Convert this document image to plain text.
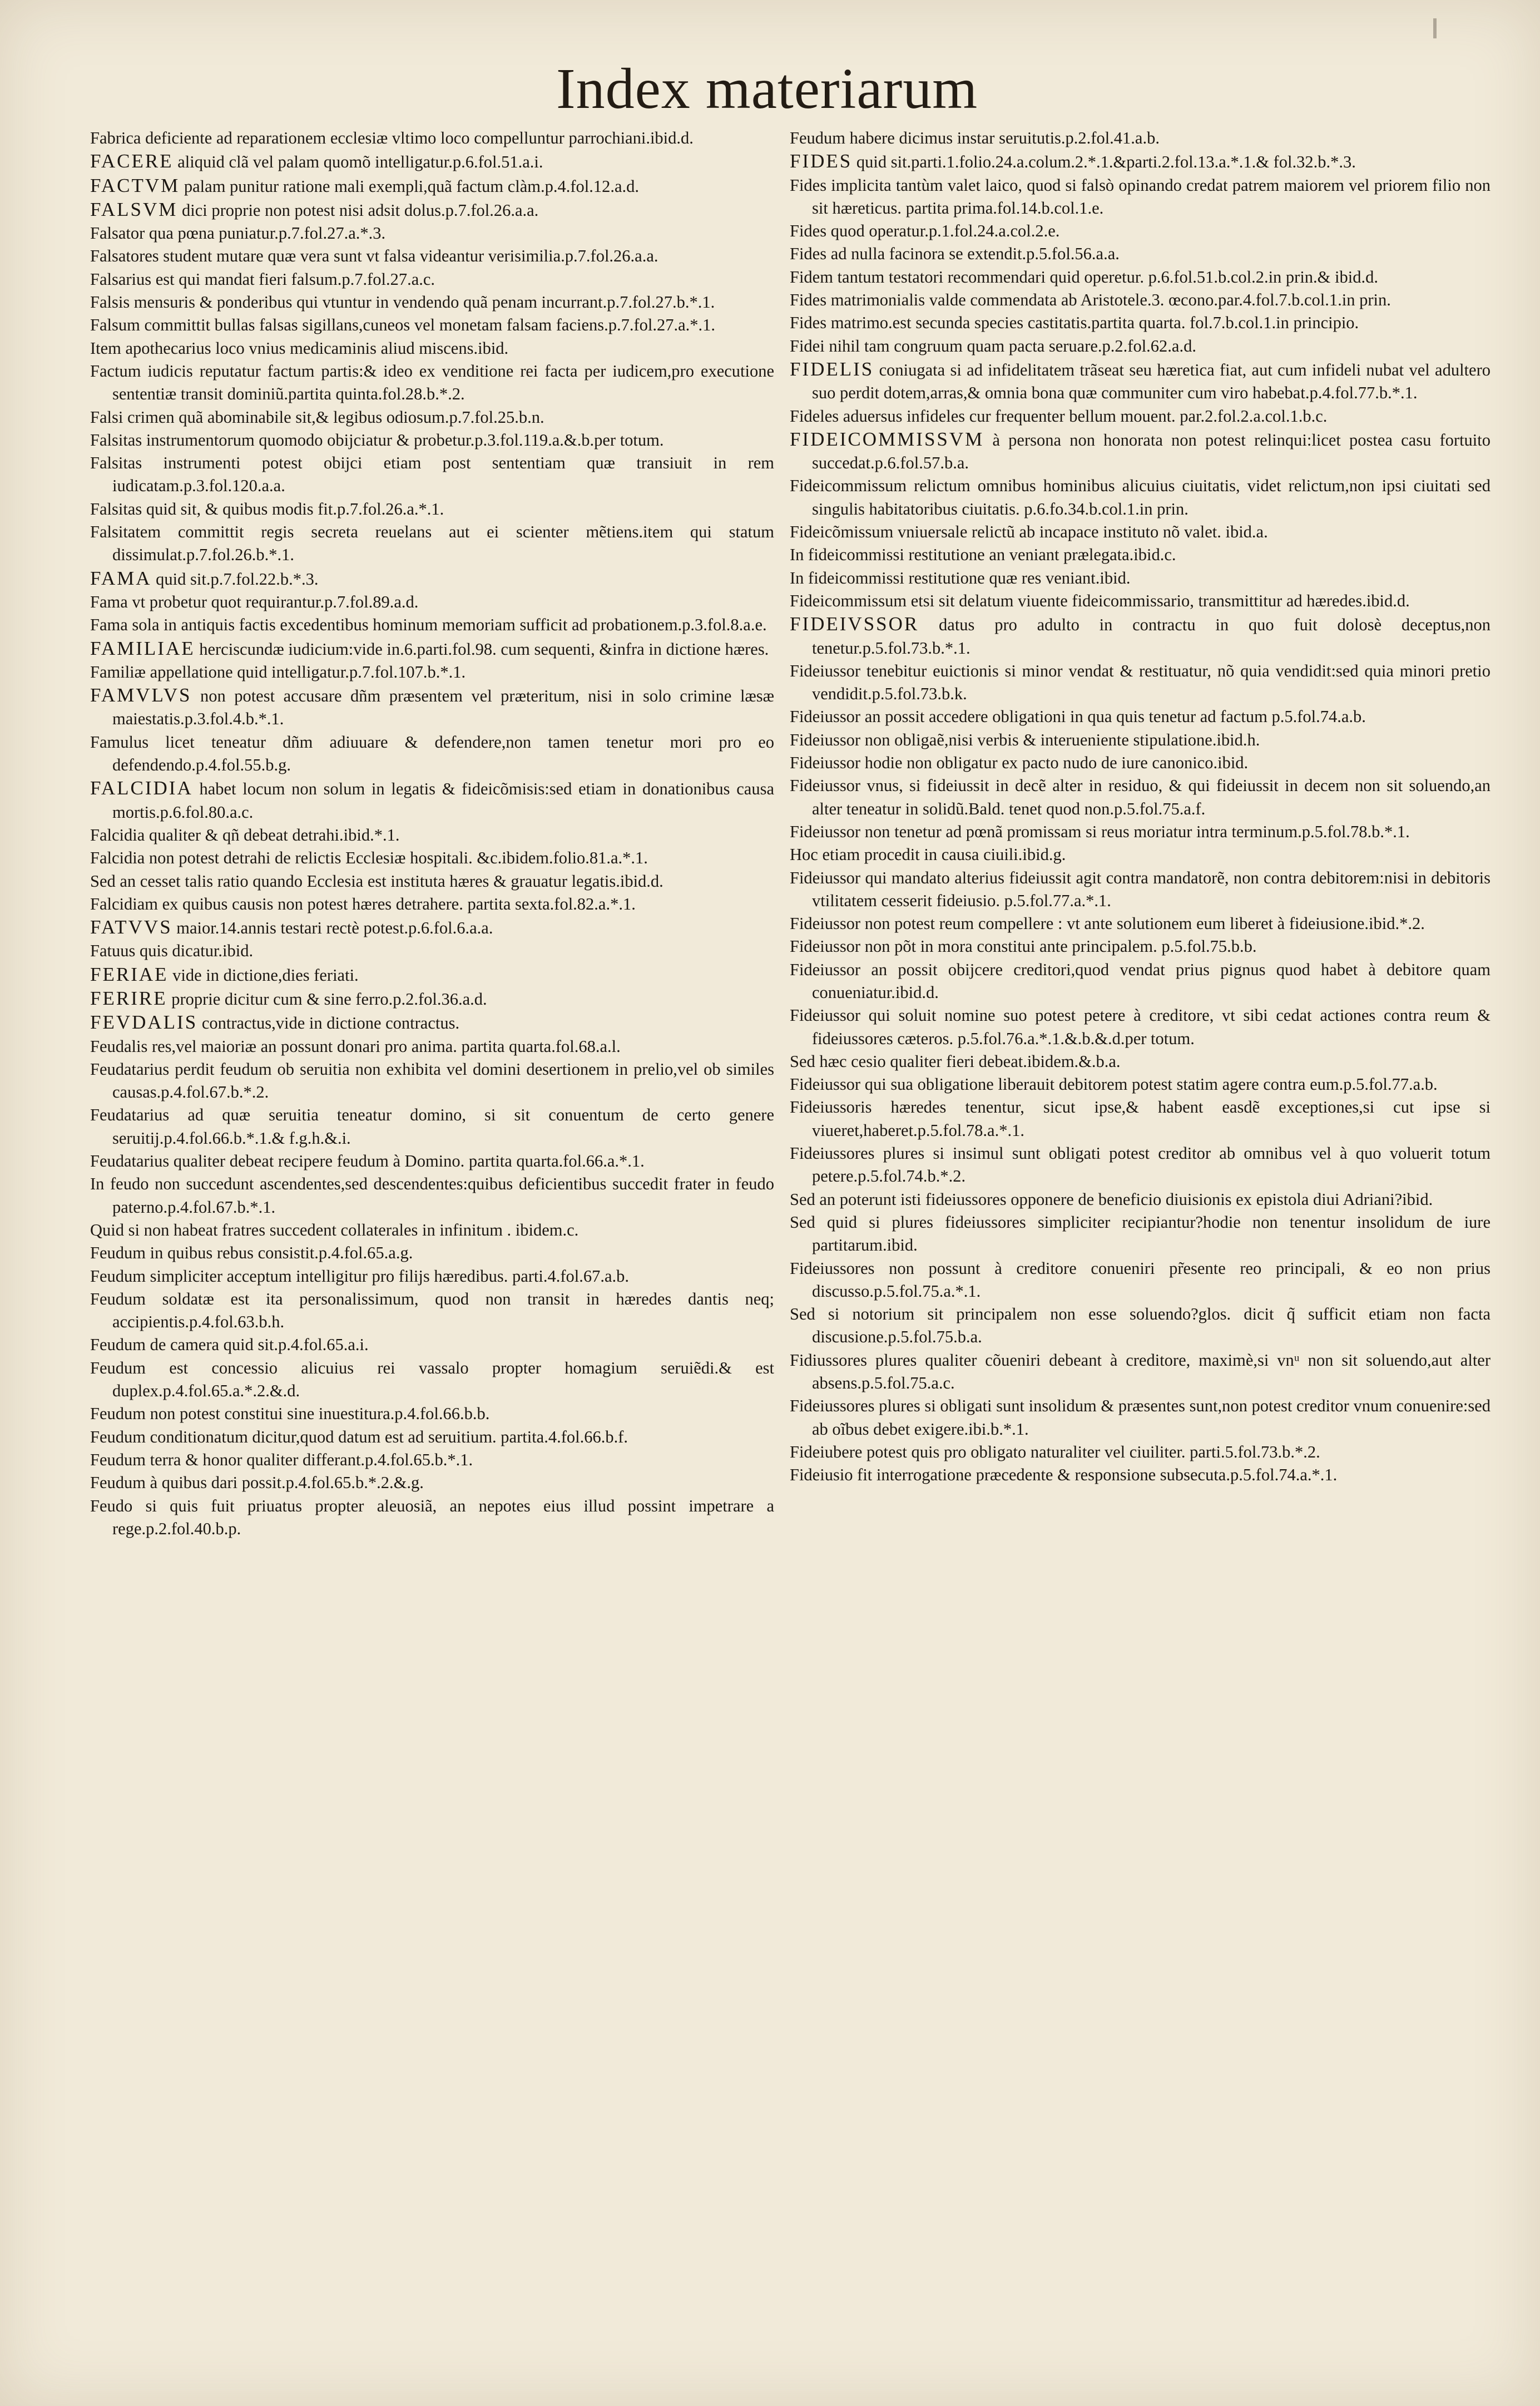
Index materiarum
Fabrica deficiente ad reparationem ecclesiæ vltimo loco compelluntur parrochiani.ibid.d.
FACERE aliquid clã vel palam quomõ intelligatur.p.6.fol.51.a.i.
FACTVM palam punitur ratione mali exempli,quã factum clàm.p.4.fol.12.a.d.
FALSVM dici proprie non potest nisi adsit dolus.p.7.fol.26.a.a.
Falsator qua pœna puniatur.p.7.fol.27.a.*.3.
Falsatores student mutare quæ vera sunt vt falsa videantur verisimilia.p.7.fol.26.a.a.
Falsarius est qui mandat fieri falsum.p.7.fol.27.a.c.
Falsis mensuris & ponderibus qui vtuntur in vendendo quã penam incurrant.p.7.fol.27.b.*.1.
Falsum committit bullas falsas sigillans,cuneos vel monetam falsam faciens.p.7.fol.27.a.*.1.
Item apothecarius loco vnius medicaminis aliud miscens.ibid.
Factum iudicis reputatur factum partis:& ideo ex venditione rei facta per iudicem,pro executione sententiæ transit dominiũ.partita quinta.fol.28.b.*.2.
Falsi crimen quã abominabile sit,& legibus odiosum.p.7.fol.25.b.n.
Falsitas instrumentorum quomodo obijciatur & probetur.p.3.fol.119.a.&.b.per totum.
Falsitas instrumenti potest obijci etiam post sententiam quæ transiuit in rem iudicatam.p.3.fol.120.a.a.
Falsitas quid sit, & quibus modis fit.p.7.fol.26.a.*.1.
Falsitatem committit regis secreta reuelans aut ei scienter mẽtiens.item qui statum dissimulat.p.7.fol.26.b.*.1.
FAMA quid sit.p.7.fol.22.b.*.3.
Fama vt probetur quot requirantur.p.7.fol.89.a.d.
Fama sola in antiquis factis excedentibus hominum memoriam sufficit ad probationem.p.3.fol.8.a.e.
FAMILIAE herciscundæ iudicium:vide in.6.parti.fol.98. cum sequenti, &infra in dictione hæres.
Familiæ appellatione quid intelligatur.p.7.fol.107.b.*.1.
FAMVLVS non potest accusare dñm præsentem vel præteritum, nisi in solo crimine læsæ maiestatis.p.3.fol.4.b.*.1.
Famulus licet teneatur dñm adiuuare & defendere,non tamen tenetur mori pro eo defendendo.p.4.fol.55.b.g.
FALCIDIA habet locum non solum in legatis & fideicõmisis:sed etiam in donationibus causa mortis.p.6.fol.80.a.c.
Falcidia qualiter & qñ debeat detrahi.ibid.*.1.
Falcidia non potest detrahi de relictis Ecclesiæ hospitali. &c.ibidem.folio.81.a.*.1.
Sed an cesset talis ratio quando Ecclesia est instituta hæres & grauatur legatis.ibid.d.
Falcidiam ex quibus causis non potest hæres detrahere. partita sexta.fol.82.a.*.1.
FATVVS maior.14.annis testari rectè potest.p.6.fol.6.a.a.
Fatuus quis dicatur.ibid.
FERIAE vide in dictione,dies feriati.
FERIRE proprie dicitur cum & sine ferro.p.2.fol.36.a.d.
FEVDALIS contractus,vide in dictione contractus.
Feudalis res,vel maioriæ an possunt donari pro anima. partita quarta.fol.68.a.l.
Feudatarius perdit feudum ob seruitia non exhibita vel domini desertionem in prelio,vel ob similes causas.p.4.fol.67.b.*.2.
Feudatarius ad quæ seruitia teneatur domino, si sit conuentum de certo genere seruitij.p.4.fol.66.b.*.1.& f.g.h.&.i.
Feudatarius qualiter debeat recipere feudum à Domino. partita quarta.fol.66.a.*.1.
In feudo non succedunt ascendentes,sed descendentes:quibus deficientibus succedit frater in feudo paterno.p.4.fol.67.b.*.1.
Quid si non habeat fratres succedent collaterales in infinitum . ibidem.c.
Feudum in quibus rebus consistit.p.4.fol.65.a.g.
Feudum simpliciter acceptum intelligitur pro filijs hæredibus. parti.4.fol.67.a.b.
Feudum soldatæ est ita personalissimum, quod non transit in hæredes dantis neq; accipientis.p.4.fol.63.b.h.
Feudum de camera quid sit.p.4.fol.65.a.i.
Feudum est concessio alicuius rei vassalo propter homagium seruiẽdi.& est duplex.p.4.fol.65.a.*.2.&.d.
Feudum non potest constitui sine inuestitura.p.4.fol.66.b.b.
Feudum conditionatum dicitur,quod datum est ad seruitium. partita.4.fol.66.b.f.
Feudum terra & honor qualiter differant.p.4.fol.65.b.*.1.
Feudum à quibus dari possit.p.4.fol.65.b.*.2.&.g.
Feudo si quis fuit priuatus propter aleuosiã, an nepotes eius illud possint impetrare a rege.p.2.fol.40.b.p.
Feudum habere dicimus instar seruitutis.p.2.fol.41.a.b.
FIDES quid sit.parti.1.folio.24.a.colum.2.*.1.&parti.2.fol.13.a.*.1.& fol.32.b.*.3.
Fides implicita tantùm valet laico, quod si falsò opinando credat patrem maiorem vel priorem filio non sit hæreticus. partita prima.fol.14.b.col.1.e.
Fides quod operatur.p.1.fol.24.a.col.2.e.
Fides ad nulla facinora se extendit.p.5.fol.56.a.a.
Fidem tantum testatori recommendari quid operetur. p.6.fol.51.b.col.2.in prin.& ibid.d.
Fides matrimonialis valde commendata ab Aristotele.3. œcono.par.4.fol.7.b.col.1.in prin.
Fides matrimo.est secunda species castitatis.partita quarta. fol.7.b.col.1.in principio.
Fidei nihil tam congruum quam pacta seruare.p.2.fol.62.a.d.
FIDELIS coniugata si ad infidelitatem trãseat seu hæretica fiat, aut cum infideli nubat vel adultero suo perdit dotem,arras,& omnia bona quæ communiter cum viro habebat.p.4.fol.77.b.*.1.
Fideles aduersus infideles cur frequenter bellum mouent. par.2.fol.2.a.col.1.b.c.
FIDEICOMMISSVM à persona non honorata non potest relinqui:licet postea casu fortuito succedat.p.6.fol.57.b.a.
Fideicommissum relictum omnibus hominibus alicuius ciuitatis, videt relictum,non ipsi ciuitati sed singulis habitatoribus ciuitatis. p.6.fo.34.b.col.1.in prin.
Fideicõmissum vniuersale relictũ ab incapace instituto nõ valet. ibid.a.
In fideicommissi restitutione an veniant prælegata.ibid.c.
In fideicommissi restitutione quæ res veniant.ibid.
Fideicommissum etsi sit delatum viuente fideicommissario, transmittitur ad hæredes.ibid.d.
FIDEIVSSOR datus pro adulto in contractu in quo fuit dolosè deceptus,non tenetur.p.5.fol.73.b.*.1.
Fideiussor tenebitur euictionis si minor vendat & restituatur, nõ quia vendidit:sed quia minori pretio vendidit.p.5.fol.73.b.k.
Fideiussor an possit accedere obligationi in qua quis tenetur ad factum p.5.fol.74.a.b.
Fideiussor non obligaẽ,nisi verbis & interueniente stipulatione.ibid.h.
Fideiussor hodie non obligatur ex pacto nudo de iure canonico.ibid.
Fideiussor vnus, si fideiussit in decẽ alter in residuo, & qui fideiussit in decem non sit soluendo,an alter teneatur in solidũ.Bald. tenet quod non.p.5.fol.75.a.f.
Fideiussor non tenetur ad pœnã promissam si reus moriatur intra terminum.p.5.fol.78.b.*.1.
Hoc etiam procedit in causa ciuili.ibid.g.
Fideiussor qui mandato alterius fideiussit agit contra mandatorẽ, non contra debitorem:nisi in debitoris vtilitatem cesserit fideiusio. p.5.fol.77.a.*.1.
Fideiussor non potest reum compellere : vt ante solutionem eum liberet à fideiusione.ibid.*.2.
Fideiussor non põt in mora constitui ante principalem. p.5.fol.75.b.b.
Fideiussor an possit obijcere creditori,quod vendat prius pignus quod habet à debitore quam conueniatur.ibid.d.
Fideiussor qui soluit nomine suo potest petere à creditore, vt sibi cedat actiones contra reum & fideiussores cæteros. p.5.fol.76.a.*.1.&.b.&.d.per totum.
Sed hæc cesio qualiter fieri debeat.ibidem.&.b.a.
Fideiussor qui sua obligatione liberauit debitorem potest statim agere contra eum.p.5.fol.77.a.b.
Fideiussoris hæredes tenentur, sicut ipse,& habent easdẽ exceptiones,si cut ipse si viueret,haberet.p.5.fol.78.a.*.1.
Fideiussores plures si insimul sunt obligati potest creditor ab omnibus vel à quo voluerit totum petere.p.5.fol.74.b.*.2.
Sed an poterunt isti fideiussores opponere de beneficio diuisionis ex epistola diui Adriani?ibid.
Sed quid si plures fideiussores simpliciter recipiantur?hodie non tenentur insolidum de iure partitarum.ibid.
Fideiussores non possunt à creditore conueniri pr̃esente reo principali, & eo non prius discusso.p.5.fol.75.a.*.1.
Sed si notorium sit principalem non esse soluendo?glos. dicit q̃ sufficit etiam non facta discusione.p.5.fol.75.b.a.
Fidiussores plures qualiter cõueniri debeant à creditore, maximè,si vnᵘ non sit soluendo,aut alter absens.p.5.fol.75.a.c.
Fideiussores plures si obligati sunt insolidum & præsentes sunt,non potest creditor vnum conuenire:sed ab oĩbus debet exigere.ibi.b.*.1.
Fideiubere potest quis pro obligato naturaliter vel ciuiliter. parti.5.fol.73.b.*.2.
Fideiusio fit interrogatione præcedente & responsione subsecuta.p.5.fol.74.a.*.1.
